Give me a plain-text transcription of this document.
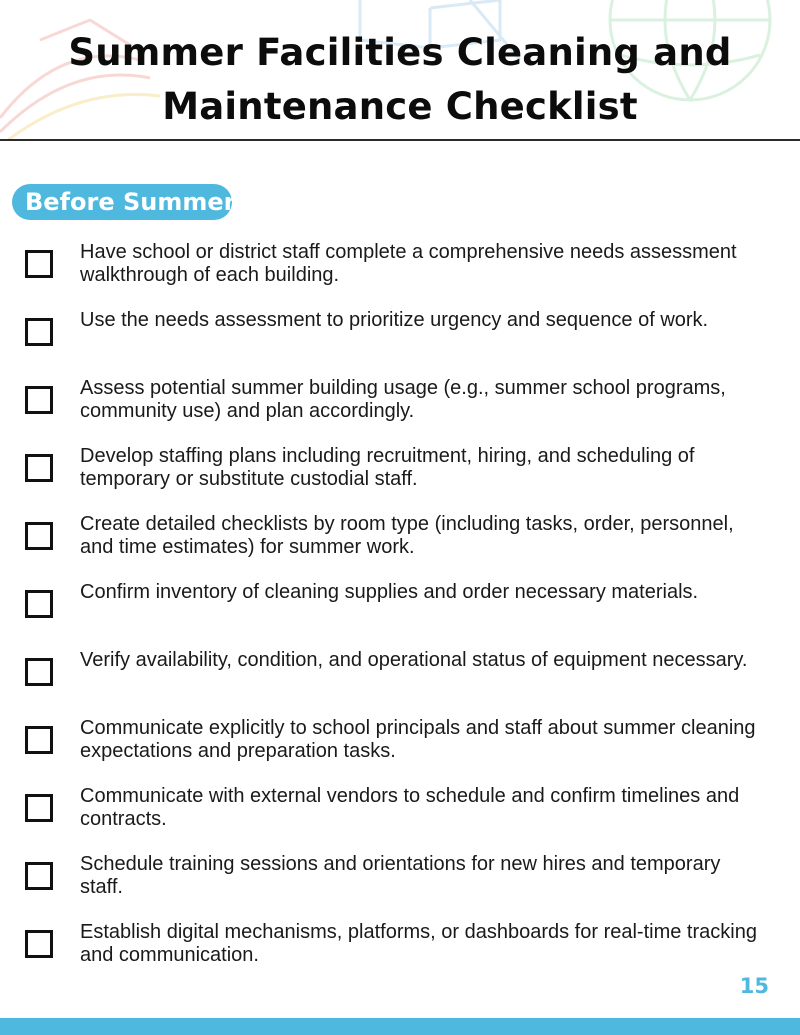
Summer Facilities Cleaning and
Maintenance Checklist
Before Summer
Have school or district staff complete a comprehensive needs assessment walkthrough of each building.
Use the needs assessment to prioritize urgency and sequence of work.
Assess potential summer building usage (e.g., summer school programs, community use) and plan accordingly.
Develop staffing plans including recruitment, hiring, and scheduling of temporary or substitute custodial staff.
Create detailed checklists by room type (including tasks, order, personnel, and time estimates) for summer work.
Confirm inventory of cleaning supplies and order necessary materials.
Verify availability, condition, and operational status of equipment necessary.
Communicate explicitly to school principals and staff about summer cleaning expectations and preparation tasks.
Communicate with external vendors to schedule and confirm timelines and contracts.
Schedule training sessions and orientations for new hires and temporary staff.
Establish digital mechanisms, platforms, or dashboards for real-time tracking and communication.
15
